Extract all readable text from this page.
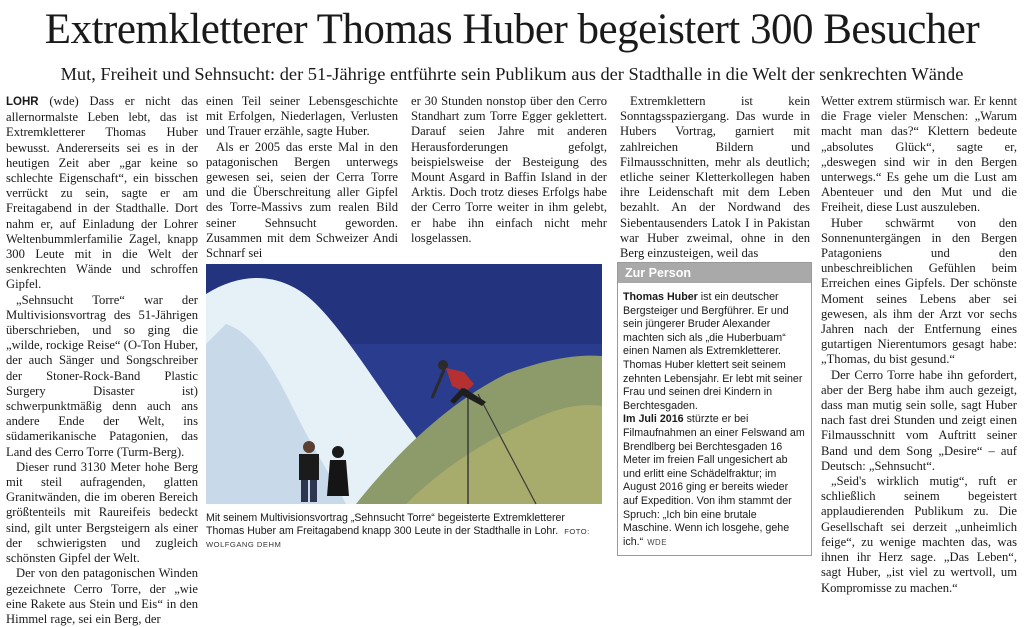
Extremkletterer Thomas Huber begeistert 300 Besucher

Mut, Freiheit und Sehnsucht: der 51-Jährige entführte sein Publikum aus der Stadthalle in die Welt der senkrechten Wände

LOHR (wde) Dass er nicht das allernormalste Leben lebt, das ist Extremkletterer Thomas Huber bewusst. Andererseits sei es in der heutigen Zeit aber „gar keine so schlechte Eigenschaft“, ein bisschen verrückt zu sein, sagte er am Freitagabend in der Stadthalle. Dort nahm er, auf Einladung der Lohrer Weltenbummlerfamilie Zagel, knapp 300 Leute mit in die Welt der senkrechten Wände und schroffen Gipfel.

„Sehnsucht Torre“ war der Multivisionsvortrag des 51-Jährigen überschrieben, und so ging die „wilde, rockige Reise“ (O-Ton Huber, der auch Sänger und Songschreiber der Stoner-Rock-Band Plastic Surgery Disaster ist) schwerpunktmäßig denn auch ans andere Ende der Welt, ins südamerikanische Patagonien, das Land des Cerro Torre (Turm-Berg).

Dieser rund 3130 Meter hohe Berg mit steil aufragenden, glatten Granitwänden, die im oberen Bereich größtenteils mit Raureifeis bedeckt sind, gilt unter Bergsteigern als einer der schwierigsten und zugleich schönsten Gipfel der Welt.

Der von den patagonischen Winden gezeichnete Cerro Torre, der „wie eine Rakete aus Stein und Eis“ in den Himmel rage, sei ein Berg, der

einen Teil seiner Lebensgeschichte mit Erfolgen, Niederlagen, Verlusten und Trauer erzähle, sagte Huber.

Als er 2005 das erste Mal in den patagonischen Bergen unterwegs gewesen sei, seien der Cerra Torre und die Überschreitung aller Gipfel des Torre-Massivs zum realen Bild seiner Sehnsucht geworden. Zusammen mit dem Schweizer Andi Schnarf sei

er 30 Stunden nonstop über den Cerro Standhart zum Torre Egger geklettert. Darauf seien Jahre mit anderen Herausforderungen gefolgt, beispielsweise der Besteigung des Mount Asgard in Baffin Island in der Arktis. Doch trotz dieses Erfolgs habe der Cerro Torre weiter in ihm gelebt, er habe ihn einfach nicht mehr losgelassen.

Extremklettern ist kein Sonntagsspaziergang. Das wurde in Hubers Vortrag, garniert mit zahlreichen Bildern und Filmausschnitten, mehr als deutlich; etliche seiner Kletterkollegen haben ihre Leidenschaft mit dem Leben bezahlt. An der Nordwand des Siebentausenders Latok I in Pakistan war Huber zweimal, ohne in den Berg einzusteigen, weil das

Wetter extrem stürmisch war. Er kennt die Frage vieler Menschen: „Warum macht man das?“ Klettern bedeute „absolutes Glück“, sagte er, „deswegen sind wir in den Bergen unterwegs.“ Es gehe um die Lust am Abenteuer und den Mut und die Freiheit, diese Lust auszuleben.

Huber schwärmt von den Sonnenuntergängen in den Bergen Patagoniens und den unbeschreiblichen Gefühlen beim Erreichen eines Gipfels. Der schönste Moment seines Lebens aber sei gewesen, als ihm der Arzt vor sechs Jahren nach der Entfernung eines gutartigen Nierentumors gesagt habe: „Thomas, du bist gesund.“

Der Cerro Torre habe ihn gefordert, aber der Berg habe ihm auch gezeigt, dass man mutig sein solle, sagt Huber nach fast drei Stunden und zeigt einen Filmausschnitt vom Auftritt seiner Band und dem Song „Desire“ – auf Deutsch: „Sehnsucht“.

„Seid's wirklich mutig“, ruft er schließlich seinem begeistert applaudierenden Publikum zu. Die Gesellschaft sei derzeit „unheimlich feige“, zu wenige machten das, was ihnen ihr Herz sage. „Das Leben“, sagt Huber, „ist viel zu wertvoll, um Kompromisse zu machen.“

Mit seinem Multivisionsvortrag „Sehnsucht Torre“ begeisterte Extremkletterer Thomas Huber am Freitagabend knapp 300 Leute in der Stadthalle in Lohr. FOTO: WOLFGANG DEHM

Zur Person

Thomas Huber ist ein deutscher Bergsteiger und Bergführer. Er und sein jüngerer Bruder Alexander machten sich als „die Huberbuam“ einen Namen als Extremkletterer. Thomas Huber klettert seit seinem zehnten Lebensjahr. Er lebt mit seiner Frau und seinen drei Kindern in Berchtesgaden.
Im Juli 2016 stürzte er bei Filmaufnahmen an einer Felswand am Brendlberg bei Berchtesgaden 16 Meter im freien Fall ungesichert ab und erlitt eine Schädelfraktur; im August 2016 ging er bereits wieder auf Expedition. Von ihm stammt der Spruch: „Ich bin eine brutale Maschine. Wenn ich losgehe, gehe ich.“ WDE
